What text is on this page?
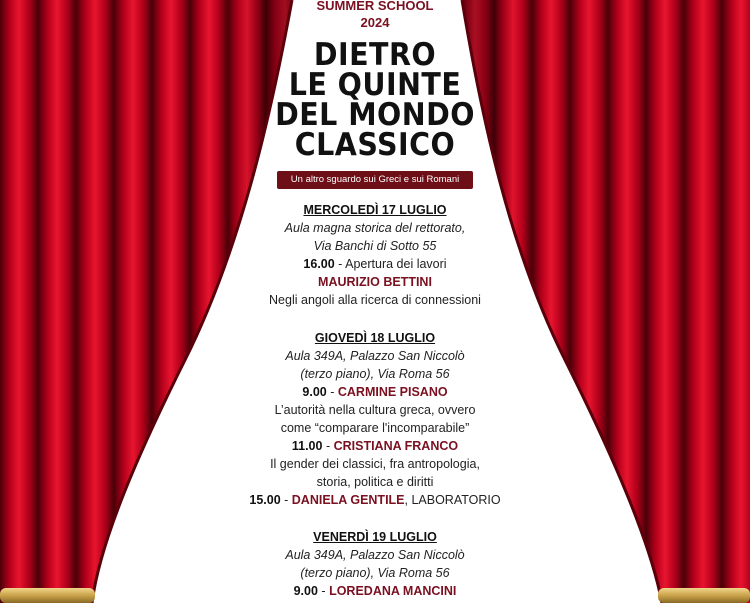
SUMMER SCHOOL
2024
DIETRO
LE QUINTE
DEL MONDO
CLASSICO
Un altro sguardo sui Greci e sui Romani
MERCOLEDÌ 17 LUGLIO
Aula magna storica del rettorato,
Via Banchi di Sotto 55
16.00 - Apertura dei lavori
MAURIZIO BETTINI
Negli angoli alla ricerca di connessioni
GIOVEDÌ 18 LUGLIO
Aula 349A, Palazzo San Niccolò
(terzo piano), Via Roma 56
9.00 - CARMINE PISANO
L’autorità nella cultura greca, ovvero
come “comparare l'incomparabile”
11.00 - CRISTIANA FRANCO
Il gender dei classici, fra antropologia,
storia, politica e diritti
15.00 - DANIELA GENTILE, LABORATORIO
VENERDÌ 19 LUGLIO
Aula 349A, Palazzo San Niccolò
(terzo piano), Via Roma 56
9.00 - LOREDANA MANCINI
